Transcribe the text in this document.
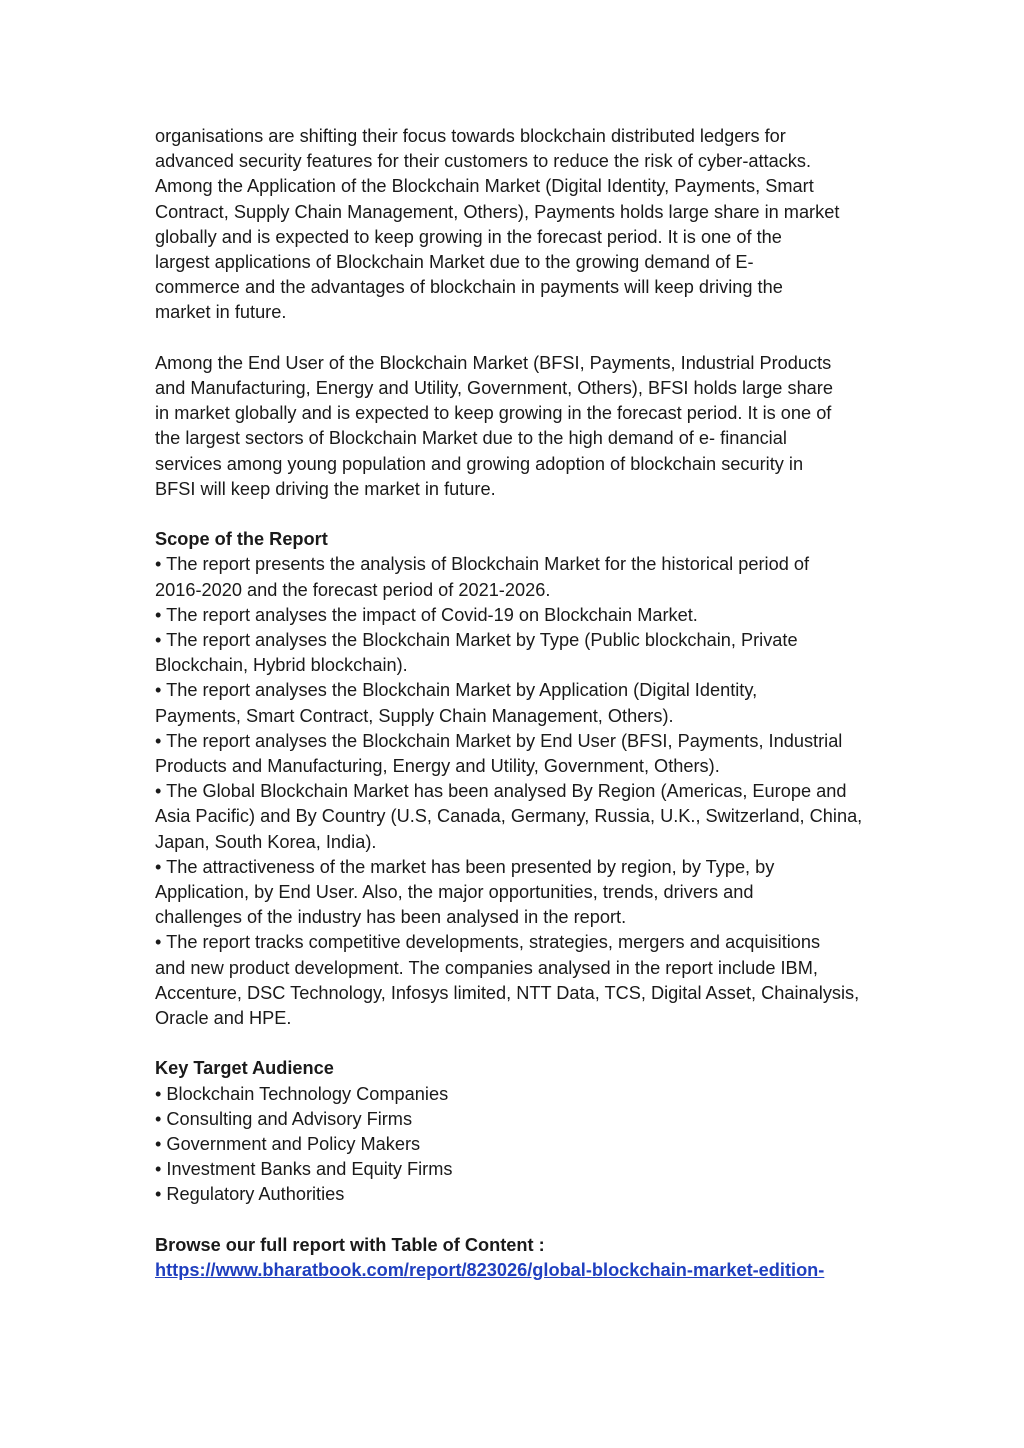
organisations are shifting their focus towards blockchain distributed ledgers for
advanced security features for their customers to reduce the risk of cyber-attacks.
Among the Application of the Blockchain Market (Digital Identity, Payments, Smart
Contract, Supply Chain Management, Others), Payments holds large share in market
globally and is expected to keep growing in the forecast period. It is one of the
largest applications of Blockchain Market due to the growing demand of E-
commerce and the advantages of blockchain in payments will keep driving the
market in future.
Among the End User of the Blockchain Market (BFSI, Payments, Industrial Products
and Manufacturing, Energy and Utility, Government, Others), BFSI holds large share
in market globally and is expected to keep growing in the forecast period. It is one of
the largest sectors of Blockchain Market due to the high demand of e- financial
services among young population and growing adoption of blockchain security in
BFSI will keep driving the market in future.
Scope of the Report
• The report presents the analysis of Blockchain Market for the historical period of
2016-2020 and the forecast period of 2021-2026.
• The report analyses the impact of Covid-19 on Blockchain Market.
• The report analyses the Blockchain Market by Type (Public blockchain, Private
Blockchain, Hybrid blockchain).
• The report analyses the Blockchain Market by Application (Digital Identity,
Payments, Smart Contract, Supply Chain Management, Others).
• The report analyses the Blockchain Market by End User (BFSI, Payments, Industrial
Products and Manufacturing, Energy and Utility, Government, Others).
• The Global Blockchain Market has been analysed By Region (Americas, Europe and
Asia Pacific) and By Country (U.S, Canada, Germany, Russia, U.K., Switzerland, China,
Japan, South Korea, India).
• The attractiveness of the market has been presented by region, by Type, by
Application, by End User. Also, the major opportunities, trends, drivers and
challenges of the industry has been analysed in the report.
• The report tracks competitive developments, strategies, mergers and acquisitions
and new product development. The companies analysed in the report include IBM,
Accenture, DSC Technology, Infosys limited, NTT Data, TCS, Digital Asset, Chainalysis,
Oracle and HPE.
Key Target Audience
• Blockchain Technology Companies
• Consulting and Advisory Firms
• Government and Policy Makers
• Investment Banks and Equity Firms
• Regulatory Authorities
Browse our full report with Table of Content :
https://www.bharatbook.com/report/823026/global-blockchain-market-edition-
